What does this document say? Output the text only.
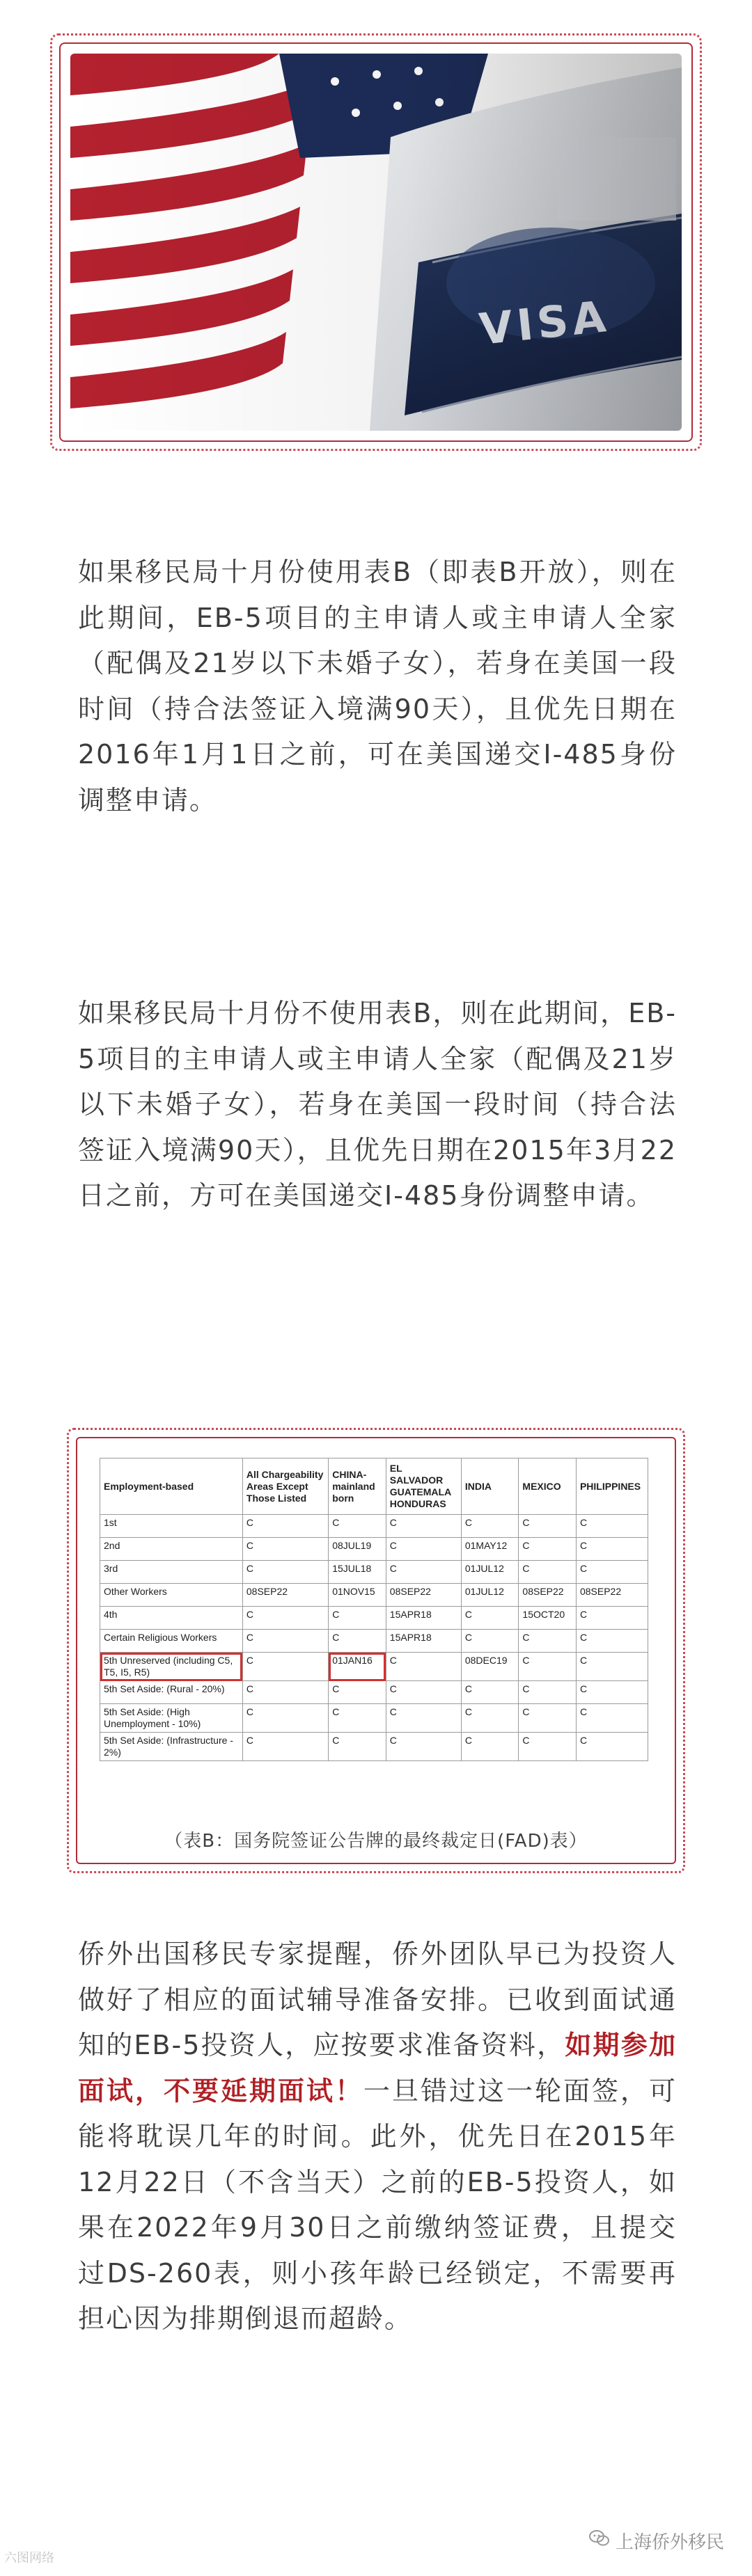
如果移民局十月份使用表B（即表B开放），则在此期间，EB-5项目的主申请人或主申请人全家（配偶及21岁以下未婚子女），若身在美国一段时间（持合法签证入境满90天），且优先日期在2016年1月1日之前，可在美国递交I-485身份调整申请。

如果移民局十月份不使用表B，则在此期间，EB-5项目的主申请人或主申请人全家（配偶及21岁以下未婚子女），若身在美国一段时间（持合法签证入境满90天），且优先日期在2015年3月22日之前，方可在美国递交I-485身份调整申请。

Employment-based	All Chargeability Areas Except Those Listed	CHINA-mainland born	EL SALVADOR GUATEMALA HONDURAS	INDIA	MEXICO	PHILIPPINES
1st	C	C	C	C	C	C
2nd	C	08JUL19	C	01MAY12	C	C
3rd	C	15JUL18	C	01JUL12	C	C
Other Workers	08SEP22	01NOV15	08SEP22	01JUL12	08SEP22	08SEP22
4th	C	C	15APR18	C	15OCT20	C
Certain Religious Workers	C	C	15APR18	C	C	C
5th Unreserved (including C5, T5, I5, R5)	C	01JAN16	C	08DEC19	C	C
5th Set Aside: (Rural - 20%)	C	C	C	C	C	C
5th Set Aside: (High Unemployment - 10%)	C	C	C	C	C	C
5th Set Aside: (Infrastructure - 2%)	C	C	C	C	C	C
（表B：国务院签证公告牌的最终裁定日(FAD)表）

侨外出国移民专家提醒，侨外团队早已为投资人做好了相应的面试辅导准备安排。已收到面试通知的EB-5投资人，应按要求准备资料，如期参加面试，不要延期面试！一旦错过这一轮面签，可能将耽误几年的时间。此外，优先日在2015年12月22日（不含当天）之前的EB-5投资人，如果在2022年9月30日之前缴纳签证费，且提交过DS-260表，则小孩年龄已经锁定，不需要再担心因为排期倒退而超龄。

上海侨外移民
六图网络
